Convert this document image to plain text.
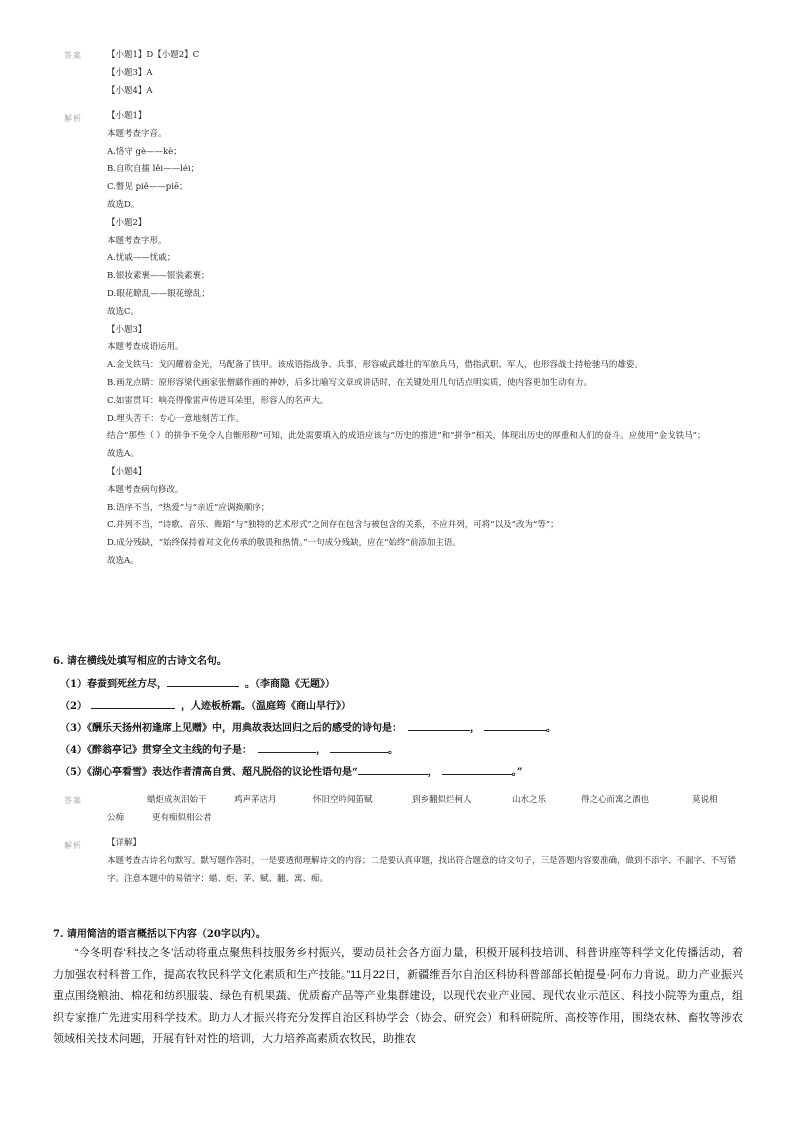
答案	【小题1】D【小题2】C
【小题3】A
【小题4】A
解析	【小题1】
本题考查字音。
A.恪守 gè——kè；
B.自吹自擂 lěi——léi；
C.瞥见 piě——piē；
故选D。
【小题2】
本题考查字形。
A.忧戚——忧戚；
B.银妆素裹——银装素裹；
D.眼花瞭乱——眼花缭乱；
故选C。
【小题3】
本题考查成语运用。
A.金戈铁马：戈闪耀着金光，马配备了铁甲。该成语指战争、兵事，形容威武雄壮的军旅兵马，借指武职、军人，也形容战士持枪驰马的雄姿。
B.画龙点睛：原形容梁代画家张僧繇作画的神妙，后多比喻写文章或讲话时，在关键处用几句话点明实质，使内容更加生动有力。
C.如雷贯耳：响亮得像雷声传进耳朵里，形容人的名声大。
D.埋头苦干：专心一意地刻苦工作。
结合“那些（ ）的拼争不免令人自惭形秽”可知，此处需要填入的成语应该与“历史的推进”和“拼争”相关，体现出历史的厚重和人们的奋斗。应使用“金戈铁马”；
故选A。
【小题4】
本题考查病句修改。
B.语序不当，“热爱”与“亲近”应调换顺序；
C.并列不当，“诗歌、音乐、舞蹈”与“独特的艺术形式”之间存在包含与被包含的关系，不应并列，可将“以及”改为“等”；
D.成分残缺，“始终保持着对文化传承的敬畏和热情。”一句成分残缺，应在“始终”前添加主语。
故选A。
6. 请在横线处填写相应的古诗文名句。
（1）春蚕到死丝方尽，	。（李商隐《无题》）
（2）	，人迹板桥霜。（温庭筠《商山早行》）
（3）《酬乐天扬州初逢席上见赠》中，用典故表达回归之后的感受的诗句是：	，	。
（4）《醉翁亭记》贯穿全文主线的句子是：	，	。
（5）《湖心亭看雪》表达作者清高自赏、超凡脱俗的议论性语句是“	，	。”
答案	蜡炬成灰泪始干	鸡声茅店月	怀旧空吟闻笛赋	到乡翻似烂柯人	山水之乐	得之心而寓之酒也	莫说相
公痴	更有痴似相公者
解析	【详解】
本题考查古诗名句默写。默写题作答时，一是要透彻理解诗文的内容；二是要认真审题，找出符合题意的诗文句子，三是答题内容要准确，做到不添字、不漏字、不写错字。注意本题中的易错字：蜡、炬、茅、赋、翻、寓、痴。
7. 请用简洁的语言概括以下内容（20字以内）。
“今冬明春‘科技之冬’活动将重点聚焦科技服务乡村振兴，要动员社会各方面力量，积极开展科技培训、科普讲座等科学文化传播活动，着力加强农村科普工作，提高农牧民科学文化素质和生产技能。”11月22日，新疆维吾尔自治区科协科普部部长帕提曼·阿布力肯说。助力产业振兴重点围绕粮油、棉花和纺织服装、绿色有机果蔬、优质畜产品等产业集群建设，以现代农业产业园、现代农业示范区、科技小院等为重点，组织专家推广先进实用科学技术。助力人才振兴将充分发挥自治区科协学会（协会、研究会）和科研院所、高校等作用，围绕农林、畜牧等涉农领域相关技术问题，开展有针对性的培训，大力培养高素质农牧民，助推农
